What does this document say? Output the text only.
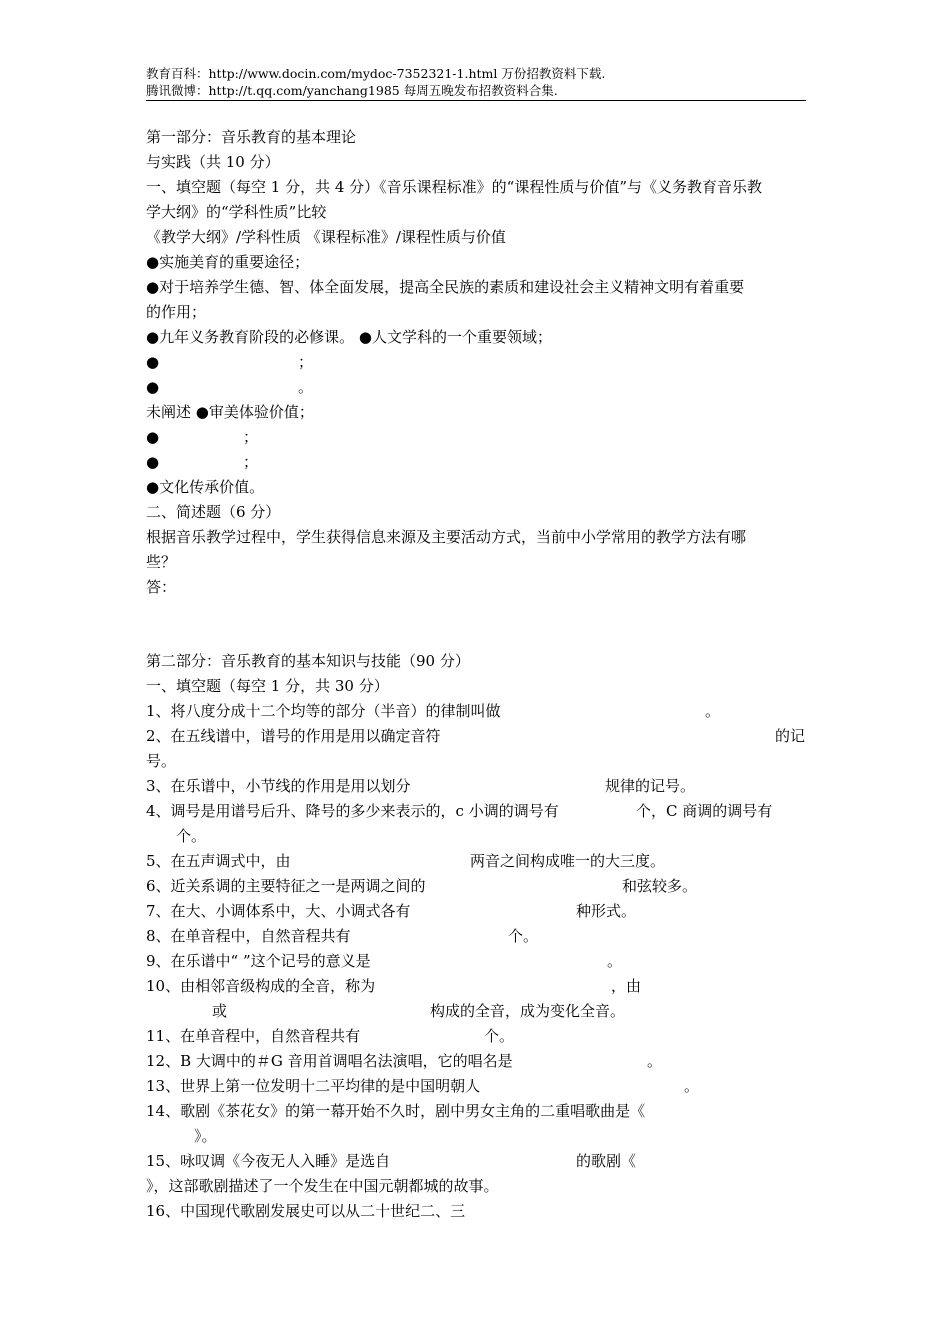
教育百科：http://www.docin.com/mydoc-7352321-1.html 万份招教资料下载.
腾讯微博：http://t.qq.com/yanchang1985 每周五晚发布招教资料合集.
第一部分：音乐教育的基本理论
与实践（共 10 分）
一、填空题（每空 1 分，共 4 分）《音乐课程标准》的“课程性质与价值”与《义务教育音乐教
学大纲》的“学科性质”比较
《教学大纲》/学科性质 《课程标准》/课程性质与价值
●实施美育的重要途径；
●对于培养学生德、智、体全面发展，提高全民族的素质和建设社会主义精神文明有着重要
的作用；
●九年义务教育阶段的必修课。 ●人文学科的一个重要领域；
●	；
●	。
未阐述 ●审美体验价值；
●	；
●	；
●文化传承价值。
二、简述题（6 分）
根据音乐教学过程中，学生获得信息来源及主要活动方式，当前中小学常用的教学方法有哪
些？
答：
第二部分：音乐教育的基本知识与技能（90 分）
一、填空题（每空 1 分，共 30 分）
1、将八度分成十二个均等的部分（半音）的律制叫做	。
2、在五线谱中，谱号的作用是用以确定音符	的记
号。
3、在乐谱中，小节线的作用是用以划分	规律的记号。
4、调号是用谱号后升、降号的多少来表示的，c 小调的调号有	个，C 商调的调号有
个。
5、在五声调式中，由	两音之间构成唯一的大三度。
6、近关系调的主要特征之一是两调之间的	和弦较多。
7、在大、小调体系中，大、小调式各有	种形式。
8、在单音程中，自然音程共有	个。
9、在乐谱中“ ”这个记号的意义是	。
10、由相邻音级构成的全音，称为	，由
或	构成的全音，成为变化全音。
11、在单音程中，自然音程共有	个。
12、B 大调中的＃G 音用首调唱名法演唱，它的唱名是	。
13、世界上第一位发明十二平均律的是中国明朝人	。
14、歌剧《茶花女》的第一幕开始不久时，剧中男女主角的二重唱歌曲是《
》。
15、咏叹调《今夜无人入睡》是选自	的歌剧《
》，这部歌剧描述了一个发生在中国元朝都城的故事。
16、中国现代歌剧发展史可以从二十世纪二、三
